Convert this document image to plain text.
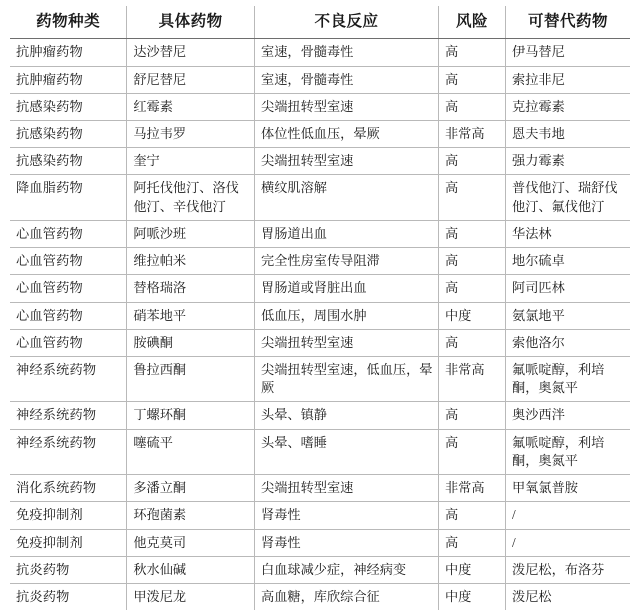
药物种类	具体药物	不良反应	风险	可替代药物
抗肿瘤药物	达沙替尼	室速，骨髓毒性	高	伊马替尼
抗肿瘤药物	舒尼替尼	室速，骨髓毒性	高	索拉非尼
抗感染药物	红霉素	尖端扭转型室速	高	克拉霉素
抗感染药物	马拉韦罗	体位性低血压，晕厥	非常高	恩夫韦地
抗感染药物	奎宁	尖端扭转型室速	高	强力霉素
降血脂药物	阿托伐他汀、洛伐他汀、辛伐他汀	横纹肌溶解	高	普伐他汀、瑞舒伐他汀、氟伐他汀
心血管药物	阿哌沙班	胃肠道出血	高	华法林
心血管药物	维拉帕米	完全性房室传导阻滞	高	地尔硫卓
心血管药物	替格瑞洛	胃肠道或肾脏出血	高	阿司匹林
心血管药物	硝苯地平	低血压，周围水肿	中度	氨氯地平
心血管药物	胺碘酮	尖端扭转型室速	高	索他洛尔
神经系统药物	鲁拉西酮	尖端扭转型室速，低血压，晕厥	非常高	氟哌啶醇，利培酮，奥氮平
神经系统药物	丁螺环酮	头晕、镇静	高	奥沙西泮
神经系统药物	噻硫平	头晕、嗜睡	高	氟哌啶醇，利培酮，奥氮平
消化系统药物	多潘立酮	尖端扭转型室速	非常高	甲氧氯普胺
免疫抑制剂	环孢菌素	肾毒性	高	/
免疫抑制剂	他克莫司	肾毒性	高	/
抗炎药物	秋水仙碱	白血球减少症，神经病变	中度	泼尼松，布洛芬
抗炎药物	甲泼尼龙	高血糖，库欣综合征	中度	泼尼松
